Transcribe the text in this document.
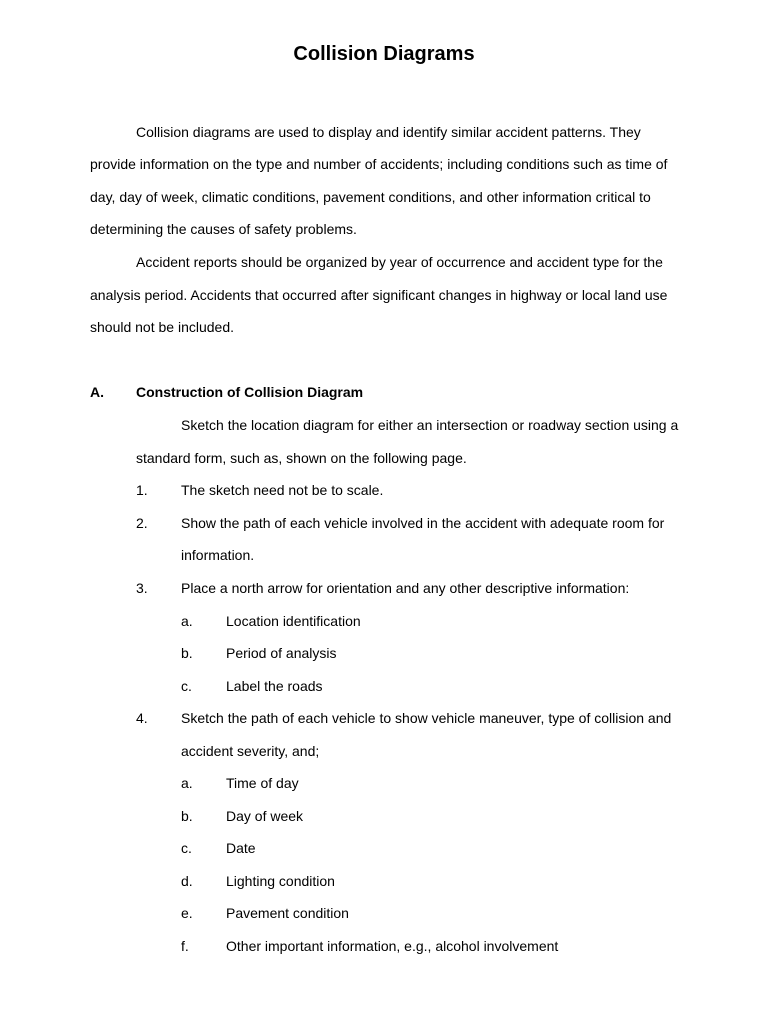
Collision Diagrams

Collision diagrams are used to display and identify similar accident patterns. They

provide information on the type and number of accidents; including conditions such as time of

day, day of week, climatic conditions, pavement conditions, and other information critical to

determining the causes of safety problems.

Accident reports should be organized by year of occurrence and accident type for the

analysis period. Accidents that occurred after significant changes in highway or local land use

should not be included.

A. Construction of Collision Diagram

Sketch the location diagram for either an intersection or roadway section using a

standard form, such as, shown on the following page.

1. The sketch need not be to scale.
2. Show the path of each vehicle involved in the accident with adequate room for
information.
3. Place a north arrow for orientation and any other descriptive information:
a. Location identification
b. Period of analysis
c. Label the roads
4. Sketch the path of each vehicle to show vehicle maneuver, type of collision and
accident severity, and;
a. Time of day
b. Day of week
c. Date
d. Lighting condition
e. Pavement condition
f.	Other important information, e.g., alcohol involvement
